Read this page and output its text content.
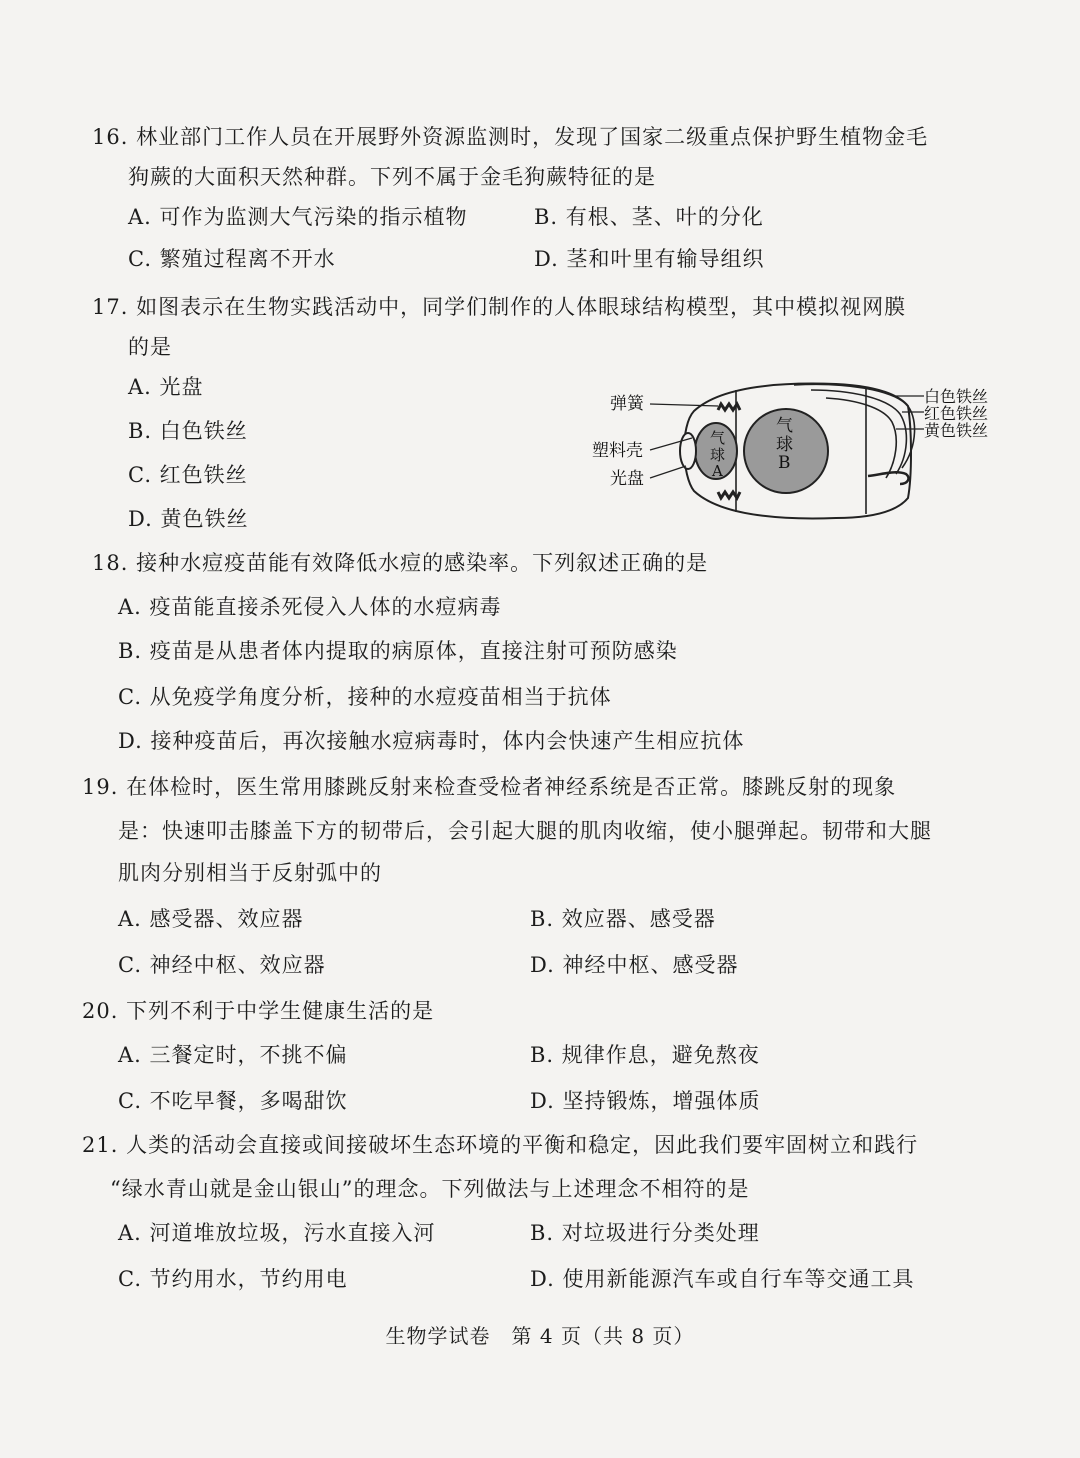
16. 林业部门工作人员在开展野外资源监测时，发现了国家二级重点保护野生植物金毛
狗蕨的大面积天然种群。下列不属于金毛狗蕨特征的是
A. 可作为监测大气污染的指示植物	B. 有根、茎、叶的分化
C. 繁殖过程离不开水	D. 茎和叶里有输导组织
17. 如图表示在生物实践活动中，同学们制作的人体眼球结构模型，其中模拟视网膜
的是
A. 光盘
B. 白色铁丝
C. 红色铁丝
D. 黄色铁丝
气
球
A
气
球
B
弹簧
塑料壳
光盘
白色铁丝
红色铁丝
黄色铁丝
18. 接种水痘疫苗能有效降低水痘的感染率。下列叙述正确的是
A. 疫苗能直接杀死侵入人体的水痘病毒
B. 疫苗是从患者体内提取的病原体，直接注射可预防感染
C. 从免疫学角度分析，接种的水痘疫苗相当于抗体
D. 接种疫苗后，再次接触水痘病毒时，体内会快速产生相应抗体
19. 在体检时，医生常用膝跳反射来检查受检者神经系统是否正常。膝跳反射的现象
是：快速叩击膝盖下方的韧带后，会引起大腿的肌肉收缩，使小腿弹起。韧带和大腿
肌肉分别相当于反射弧中的
A. 感受器、效应器	B. 效应器、感受器
C. 神经中枢、效应器	D. 神经中枢、感受器
20. 下列不利于中学生健康生活的是
A. 三餐定时，不挑不偏	B. 规律作息，避免熬夜
C. 不吃早餐，多喝甜饮	D. 坚持锻炼，增强体质
21. 人类的活动会直接或间接破坏生态环境的平衡和稳定，因此我们要牢固树立和践行
“绿水青山就是金山银山”的理念。下列做法与上述理念不相符的是
A. 河道堆放垃圾，污水直接入河	B. 对垃圾进行分类处理
C. 节约用水，节约用电	D. 使用新能源汽车或自行车等交通工具
生物学试卷　第 4 页（共 8 页）
